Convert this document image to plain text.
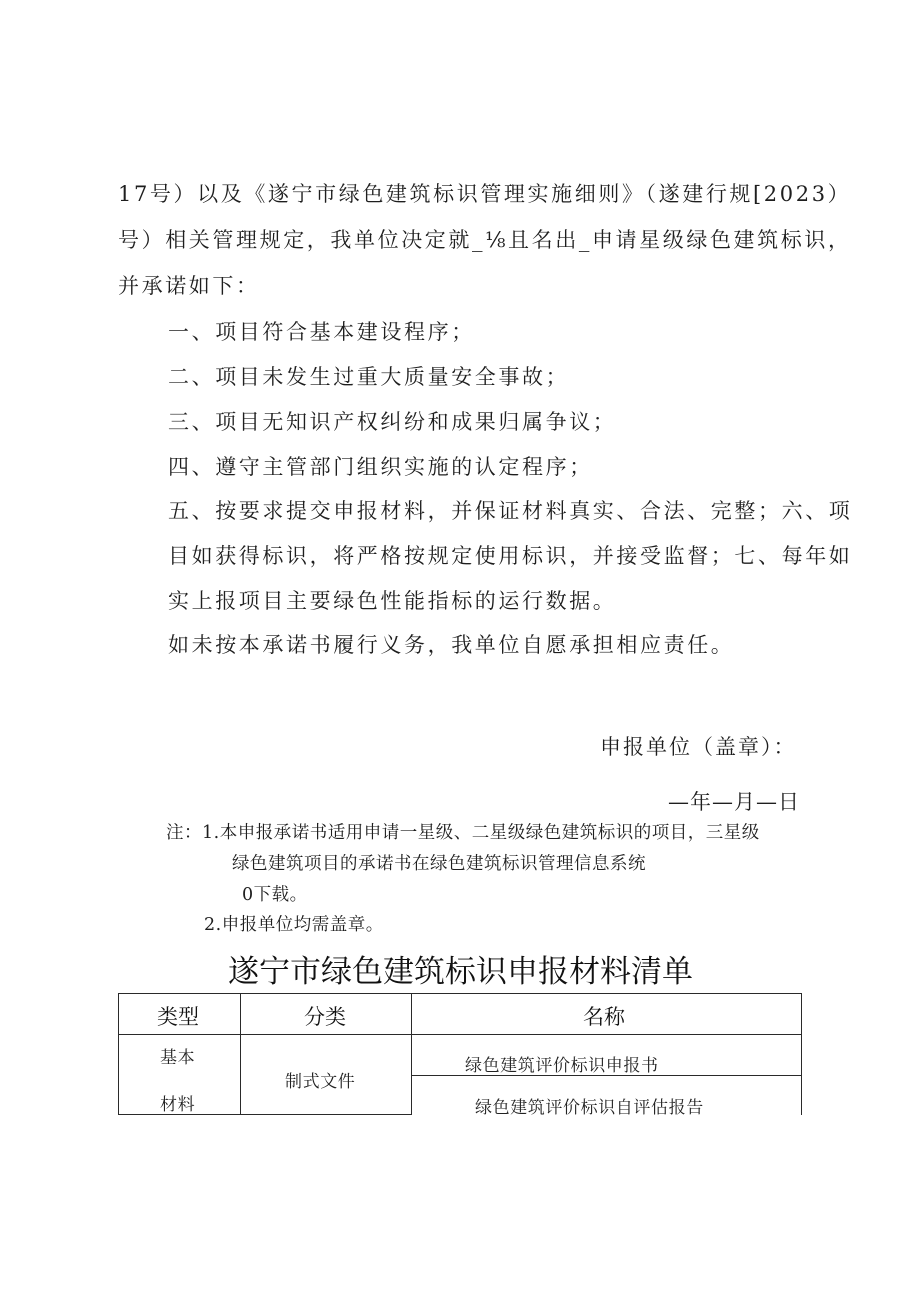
17号）以及《遂宁市绿色建筑标识管理实施细则》（遂建行规[2023）
号）相关管理规定，我单位决定就_⅛且名出_申请星级绿色建筑标识，
并承诺如下：
一、项目符合基本建设程序；
二、项目未发生过重大质量安全事故；
三、项目无知识产权纠纷和成果归属争议；
四、遵守主管部门组织实施的认定程序；
五、按要求提交申报材料，并保证材料真实、合法、完整；六、项
目如获得标识，将严格按规定使用标识，并接受监督；七、每年如
实上报项目主要绿色性能指标的运行数据。
如未按本承诺书履行义务，我单位自愿承担相应责任。
申报单位（盖章）：
—年—月—日
注：1.本申报承诺书适用申请一星级、二星级绿色建筑标识的项目，三星级
绿色建筑项目的承诺书在绿色建筑标识管理信息系统
0下载。
2.申报单位均需盖章。
遂宁市绿色建筑标识申报材料清单
类型	分类	名称
基本
材料
制式文件
绿色建筑评价标识申报书
绿色建筑评价标识自评估报告
